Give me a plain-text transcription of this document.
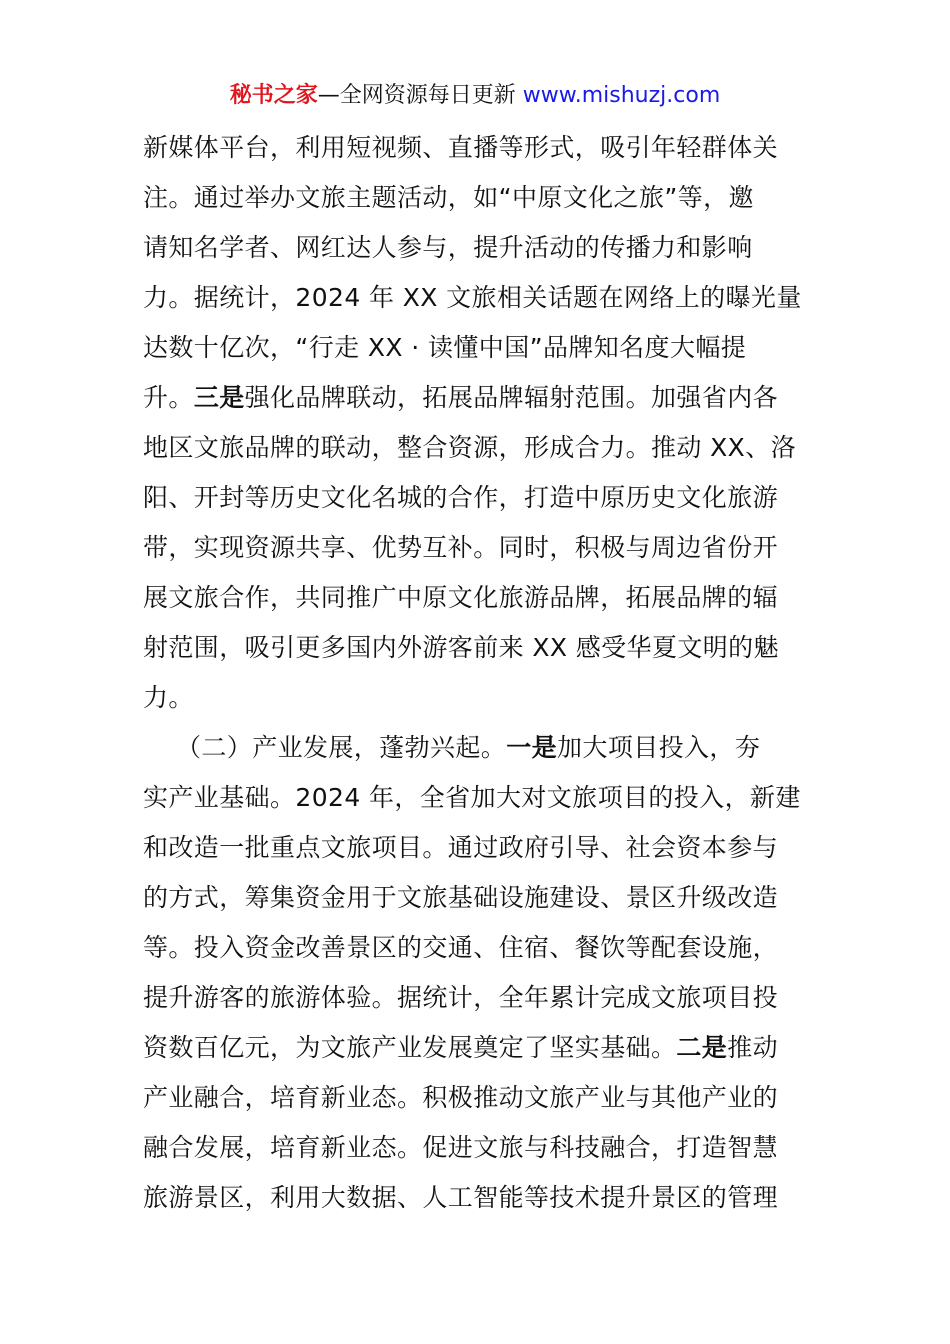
秘书之家—全网资源每日更新 www.mishuzj.com
新媒体平台，利用短视频、直播等形式，吸引年轻群体关
注。通过举办文旅主题活动，如“中原文化之旅”等，邀
请知名学者、网红达人参与，提升活动的传播力和影响
力。据统计，2024 年 XX 文旅相关话题在网络上的曝光量
达数十亿次，“行走 XX · 读懂中国”品牌知名度大幅提
升。三是强化品牌联动，拓展品牌辐射范围。加强省内各
地区文旅品牌的联动，整合资源，形成合力。推动 XX、洛
阳、开封等历史文化名城的合作，打造中原历史文化旅游
带，实现资源共享、优势互补。同时，积极与周边省份开
展文旅合作，共同推广中原文化旅游品牌，拓展品牌的辐
射范围，吸引更多国内外游客前来 XX 感受华夏文明的魅
力。
（二）产业发展，蓬勃兴起。一是加大项目投入，夯
实产业基础。2024 年，全省加大对文旅项目的投入，新建
和改造一批重点文旅项目。通过政府引导、社会资本参与
的方式，筹集资金用于文旅基础设施建设、景区升级改造
等。投入资金改善景区的交通、住宿、餐饮等配套设施，
提升游客的旅游体验。据统计，全年累计完成文旅项目投
资数百亿元，为文旅产业发展奠定了坚实基础。二是推动
产业融合，培育新业态。积极推动文旅产业与其他产业的
融合发展，培育新业态。促进文旅与科技融合，打造智慧
旅游景区，利用大数据、人工智能等技术提升景区的管理
